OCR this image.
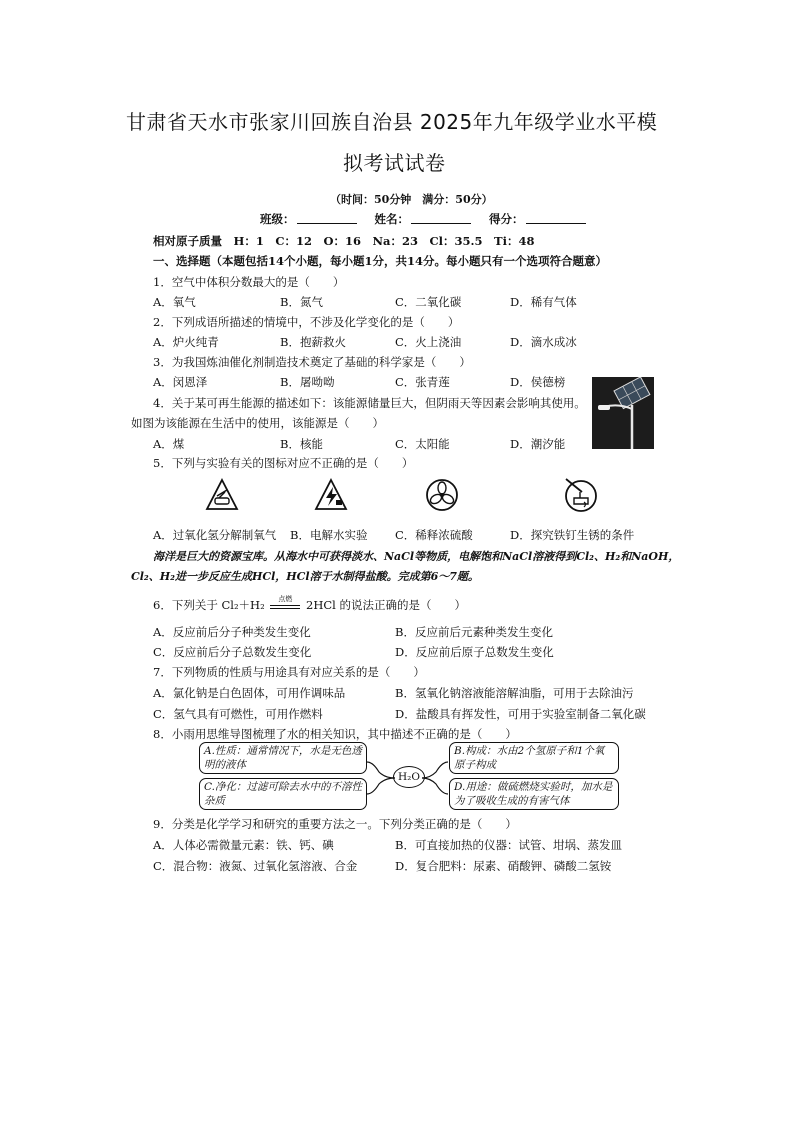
甘肃省天水市张家川回族自治县 2025年九年级学业水平模
拟考试试卷
（时间：50分钟　满分：50分）
班级：	姓名：	得分：
相对原子质量　H：1　C：12　O：16　Na：23　Cl：35.5　Ti：48
一、选择题（本题包括14个小题，每小题1分，共14分。每小题只有一个选项符合题意）
1．空气中体积分数最大的是（　　）
A．氧气	B．氮气	C．二氧化碳	D．稀有气体
2．下列成语所描述的情境中，不涉及化学变化的是（　　）
A．炉火纯青	B．抱薪救火	C．火上浇油	D．滴水成冰
3．为我国炼油催化剂制造技术奠定了基础的科学家是（　　）
A．闵恩泽	B．屠呦呦	C．张青莲	D．侯德榜
4．关于某可再生能源的描述如下：该能源储量巨大，但阴雨天等因素会影响其使用。
如图为该能源在生活中的使用，该能源是（　　）
A．煤	B．核能	C．太阳能	D．潮汐能
5．下列与实验有关的图标对应不正确的是（　　）
A．过氧化氢分解制氧气 B．电解水实验 C．稀释浓硫酸	D．探究铁钉生锈的条件
海洋是巨大的资源宝库。从海水中可获得淡水、NaCl等物质，电解饱和NaCl溶液得到Cl₂、H₂和NaOH，
Cl₂、H₂进一步反应生成HCl，HCl溶于水制得盐酸。完成第6～7题。
6．下列关于 Cl₂＋H₂	点燃	2HCl 的说法正确的是（　　）
A．反应前后分子种类发生变化	B．反应前后元素种类发生变化
C．反应前后分子总数发生变化	D．反应前后原子总数发生变化
7．下列物质的性质与用途具有对应关系的是（　　）
A．氯化钠是白色固体，可用作调味品	B．氢氧化钠溶液能溶解油脂，可用于去除油污
C．氢气具有可燃性，可用作燃料	D．盐酸具有挥发性，可用于实验室制备二氧化碳
8．小雨用思维导图梳理了水的相关知识，其中描述不正确的是（　　）
H₂O
A.性质：通常情况下，水是无色透明的液体
B.构成：水由2个氢原子和1个氧原子构成
C.净化：过滤可除去水中的不溶性杂质
D.用途：做硫燃烧实验时，加水是为了吸收生成的有害气体
9．分类是化学学习和研究的重要方法之一。下列分类正确的是（　　）
A．人体必需微量元素：铁、钙、碘	B．可直接加热的仪器：试管、坩埚、蒸发皿
C．混合物：液氮、过氧化氢溶液、合金	D．复合肥料：尿素、硝酸钾、磷酸二氢铵
